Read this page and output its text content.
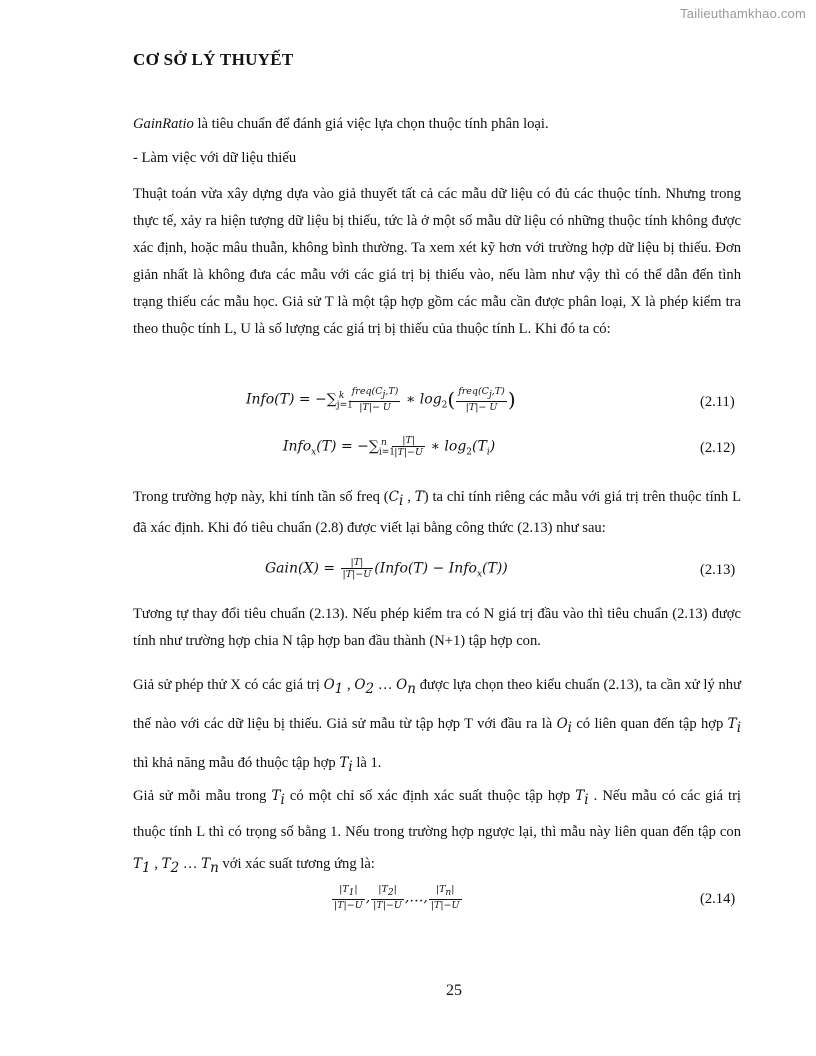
Tailieuthamkhao.com
CƠ SỞ LÝ THUYẾT
GainRatio là tiêu chuẩn để đánh giá việc lựa chọn thuộc tính phân loại.
- Làm việc với dữ liệu thiếu
Thuật toán vừa xây dựng dựa vào giả thuyết tất cả các mẫu dữ liệu có đủ các thuộc tính. Nhưng trong thực tế, xảy ra hiện tượng dữ liệu bị thiếu, tức là ở một số mẫu dữ liệu có những thuộc tính không được xác định, hoặc mâu thuẫn, không bình thường. Ta xem xét kỹ hơn với trường hợp dữ liệu bị thiếu. Đơn giản nhất là không đưa các mẫu với các giá trị bị thiếu vào, nếu làm như vậy thì có thể dẫn đến tình trạng thiếu các mẫu học. Giả sử T là một tập hợp gồm các mẫu cần được phân loại, X là phép kiểm tra theo thuộc tính L, U là số lượng các giá trị bị thiếu của thuộc tính L. Khi đó ta có:
Info(T) = $-\sum_{j=1}^k \frac{freq(C_j,T)}{|T|- U}$ ∗ $\log_2( \frac{freq(C_j,T)}{|T|- U}$ )	(2.11)
Info$_x$(T) = $-\sum_{i=1}^n \frac{|T|}{|T|-U}$ ∗ $\log_2(T_i)$	(2.12)
Trong trường hợp này, khi tính tần số freq ($C_i$ , T) ta chỉ tính riêng các mẫu với giá trị trên thuộc tính L đã xác định. Khi đó tiêu chuẩn (2.8) được viết lại bằng công thức (2.13) như sau:
Gain(X) = $\frac{|T|}{|T|-U}$ (Info(T) − Info$_x$(T))	(2.13)
Tương tự thay đổi tiêu chuẩn (2.13). Nếu phép kiểm tra có N giá trị đầu vào thì tiêu chuẩn (2.13) được tính như trường hợp chia N tập hợp ban đầu thành (N+1) tập hợp con.
Giả sử phép thử X có các giá trị $O_1$ , $O_2$ … $O_n$ được lựa chọn theo kiểu chuẩn (2.13), ta cần xử lý như thế nào với các dữ liệu bị thiếu. Giả sử mẫu từ tập hợp T với đầu ra là $O_i$ có liên quan đến tập hợp $T_i$ thì khả năng mẫu đó thuộc tập hợp $T_i$ là 1.
Giả sử mỗi mẫu trong $T_i$ có một chỉ số xác định xác suất thuộc tập hợp $T_i$ . Nếu mẫu có các giá trị thuộc tính L thì có trọng số bằng 1. Nếu trong trường hợp ngược lại, thì mẫu này liên quan đến tập con $T_1$ , $T_2$ … $T_n$ với xác suất tương ứng là:
$\frac{|T_1|}{|T|-U}$ , $\frac{|T_2|}{|T|-U}$ ,…, $\frac{|T_n|}{|T|-U}$	(2.14)
25
